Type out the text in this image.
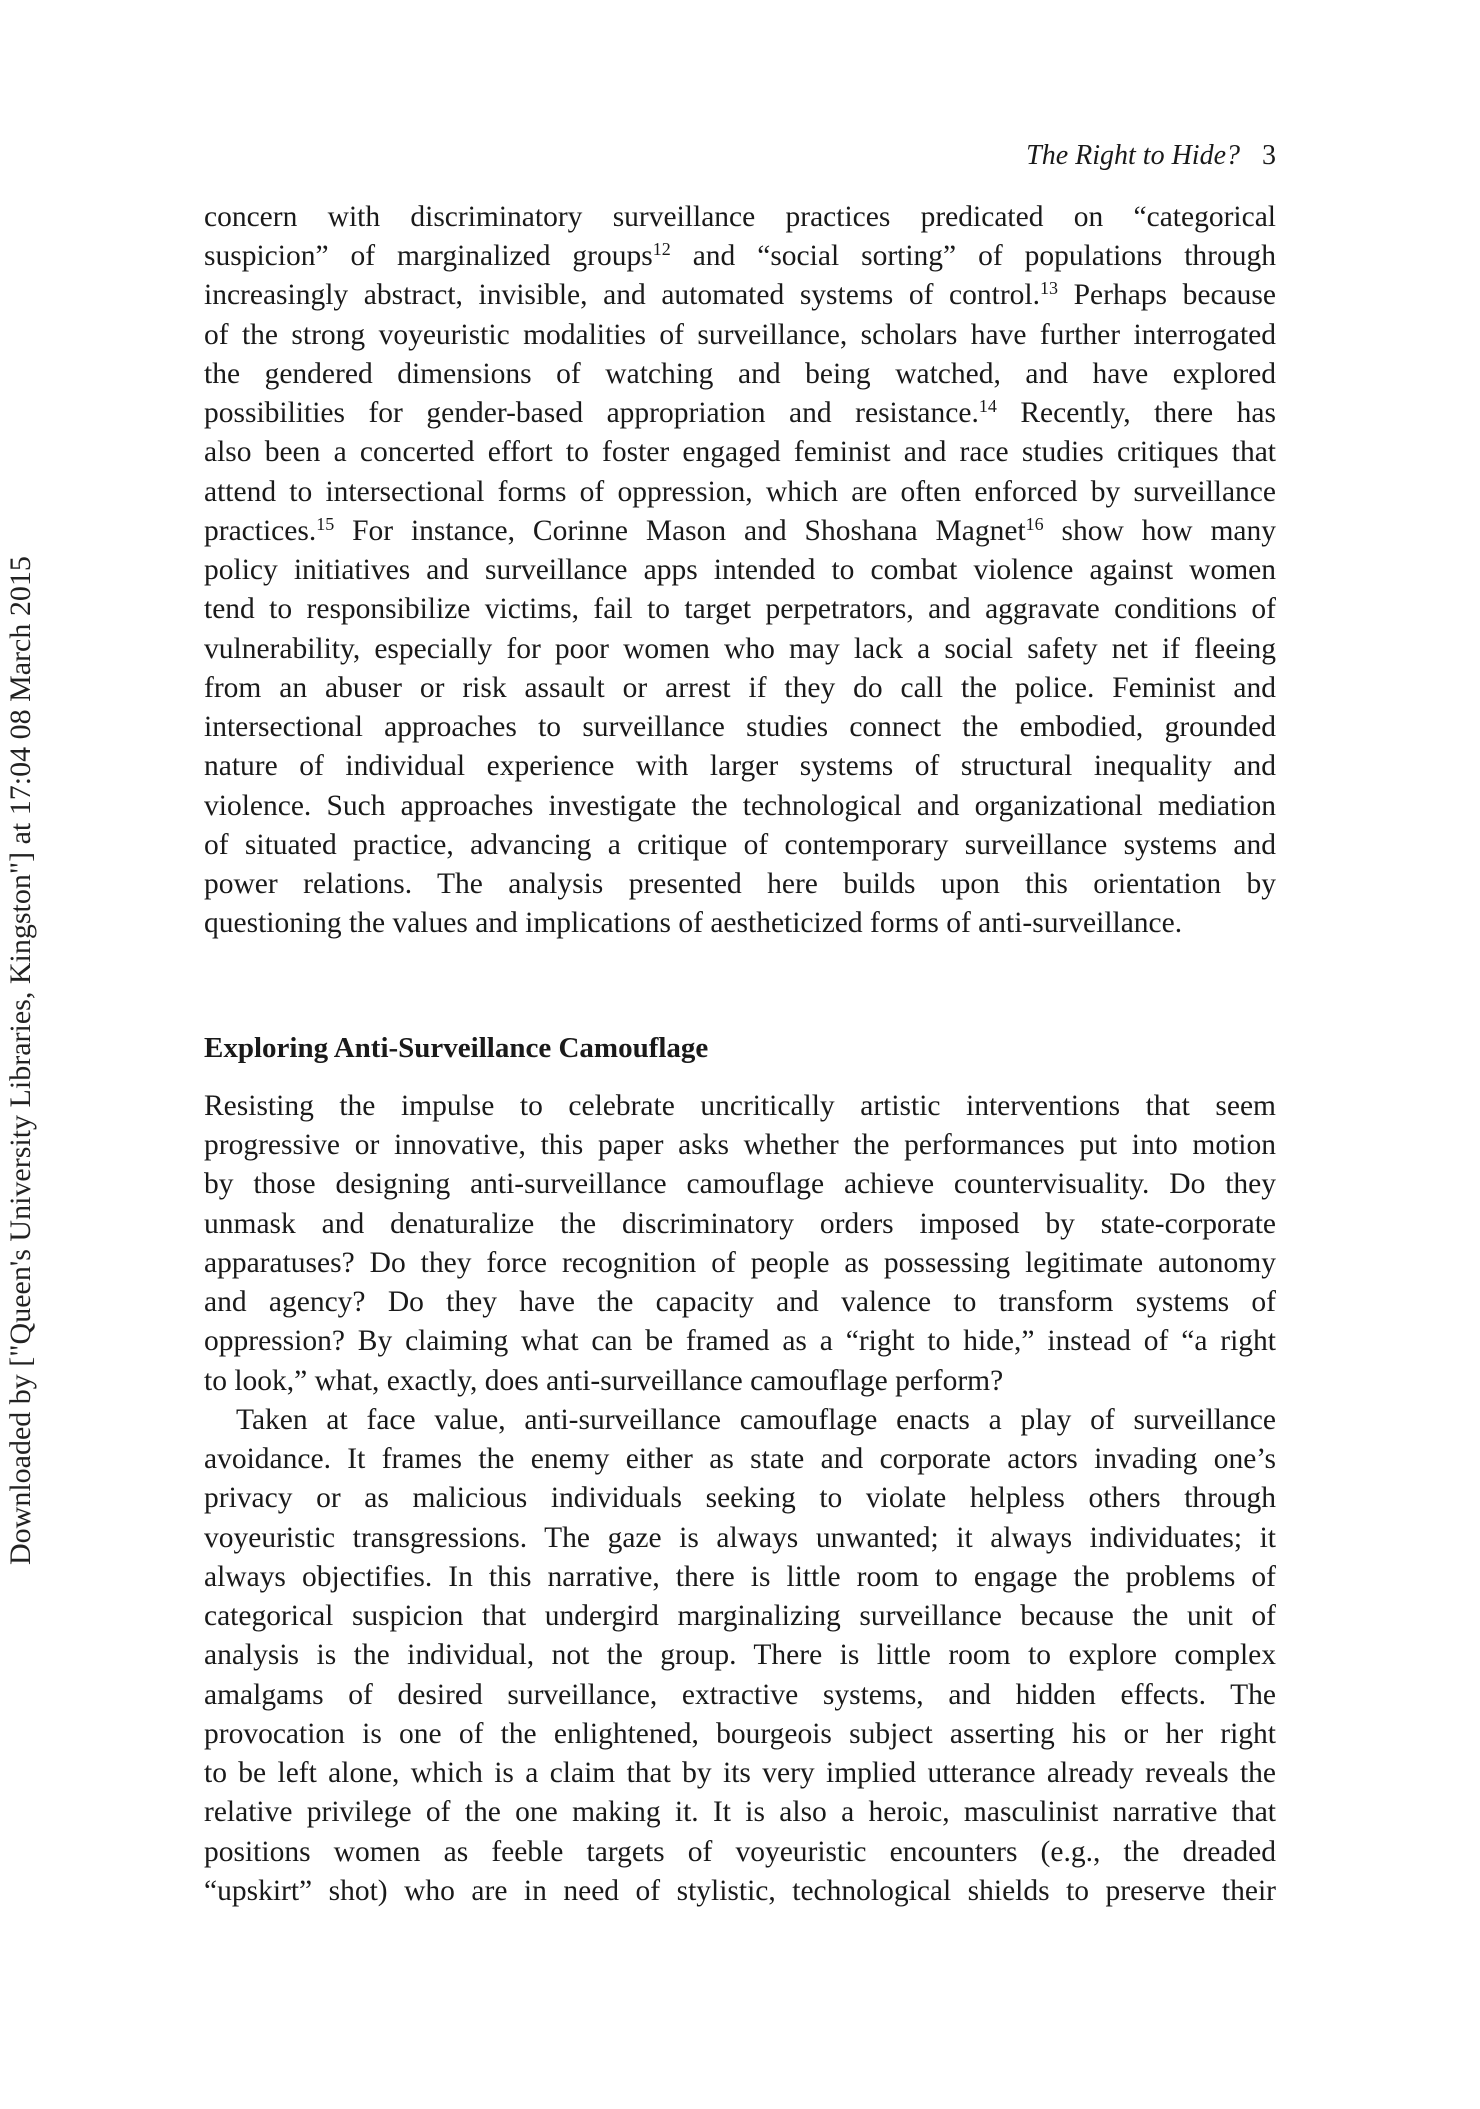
The Right to Hide? 3
Downloaded by ["Queen's University Libraries, Kingston"] at 17:04 08 March 2015
concern with discriminatory surveillance practices predicated on “categorical
suspicion” of marginalized groups$^{12}$ and “social sorting” of populations through
increasingly abstract, invisible, and automated systems of control.$^{13}$ Perhaps because
of the strong voyeuristic modalities of surveillance, scholars have further interrogated
the gendered dimensions of watching and being watched, and have explored
possibilities for gender-based appropriation and resistance.$^{14}$ Recently, there has
also been a concerted effort to foster engaged feminist and race studies critiques that
attend to intersectional forms of oppression, which are often enforced by surveillance
practices.$^{15}$ For instance, Corinne Mason and Shoshana Magnet$^{16}$ show how many
policy initiatives and surveillance apps intended to combat violence against women
tend to responsibilize victims, fail to target perpetrators, and aggravate conditions of
vulnerability, especially for poor women who may lack a social safety net if fleeing
from an abuser or risk assault or arrest if they do call the police. Feminist and
intersectional approaches to surveillance studies connect the embodied, grounded
nature of individual experience with larger systems of structural inequality and
violence. Such approaches investigate the technological and organizational mediation
of situated practice, advancing a critique of contemporary surveillance systems and
power relations. The analysis presented here builds upon this orientation by
questioning the values and implications of aestheticized forms of anti-surveillance.
Exploring Anti-Surveillance Camouflage
Resisting the impulse to celebrate uncritically artistic interventions that seem
progressive or innovative, this paper asks whether the performances put into motion
by those designing anti-surveillance camouflage achieve countervisuality. Do they
unmask and denaturalize the discriminatory orders imposed by state-corporate
apparatuses? Do they force recognition of people as possessing legitimate autonomy
and agency? Do they have the capacity and valence to transform systems of
oppression? By claiming what can be framed as a “right to hide,” instead of “a right
to look,” what, exactly, does anti-surveillance camouflage perform?
Taken at face value, anti-surveillance camouflage enacts a play of surveillance
avoidance. It frames the enemy either as state and corporate actors invading one’s
privacy or as malicious individuals seeking to violate helpless others through
voyeuristic transgressions. The gaze is always unwanted; it always individuates; it
always objectifies. In this narrative, there is little room to engage the problems of
categorical suspicion that undergird marginalizing surveillance because the unit of
analysis is the individual, not the group. There is little room to explore complex
amalgams of desired surveillance, extractive systems, and hidden effects. The
provocation is one of the enlightened, bourgeois subject asserting his or her right
to be left alone, which is a claim that by its very implied utterance already reveals the
relative privilege of the one making it. It is also a heroic, masculinist narrative that
positions women as feeble targets of voyeuristic encounters (e.g., the dreaded
“upskirt” shot) who are in need of stylistic, technological shields to preserve their
